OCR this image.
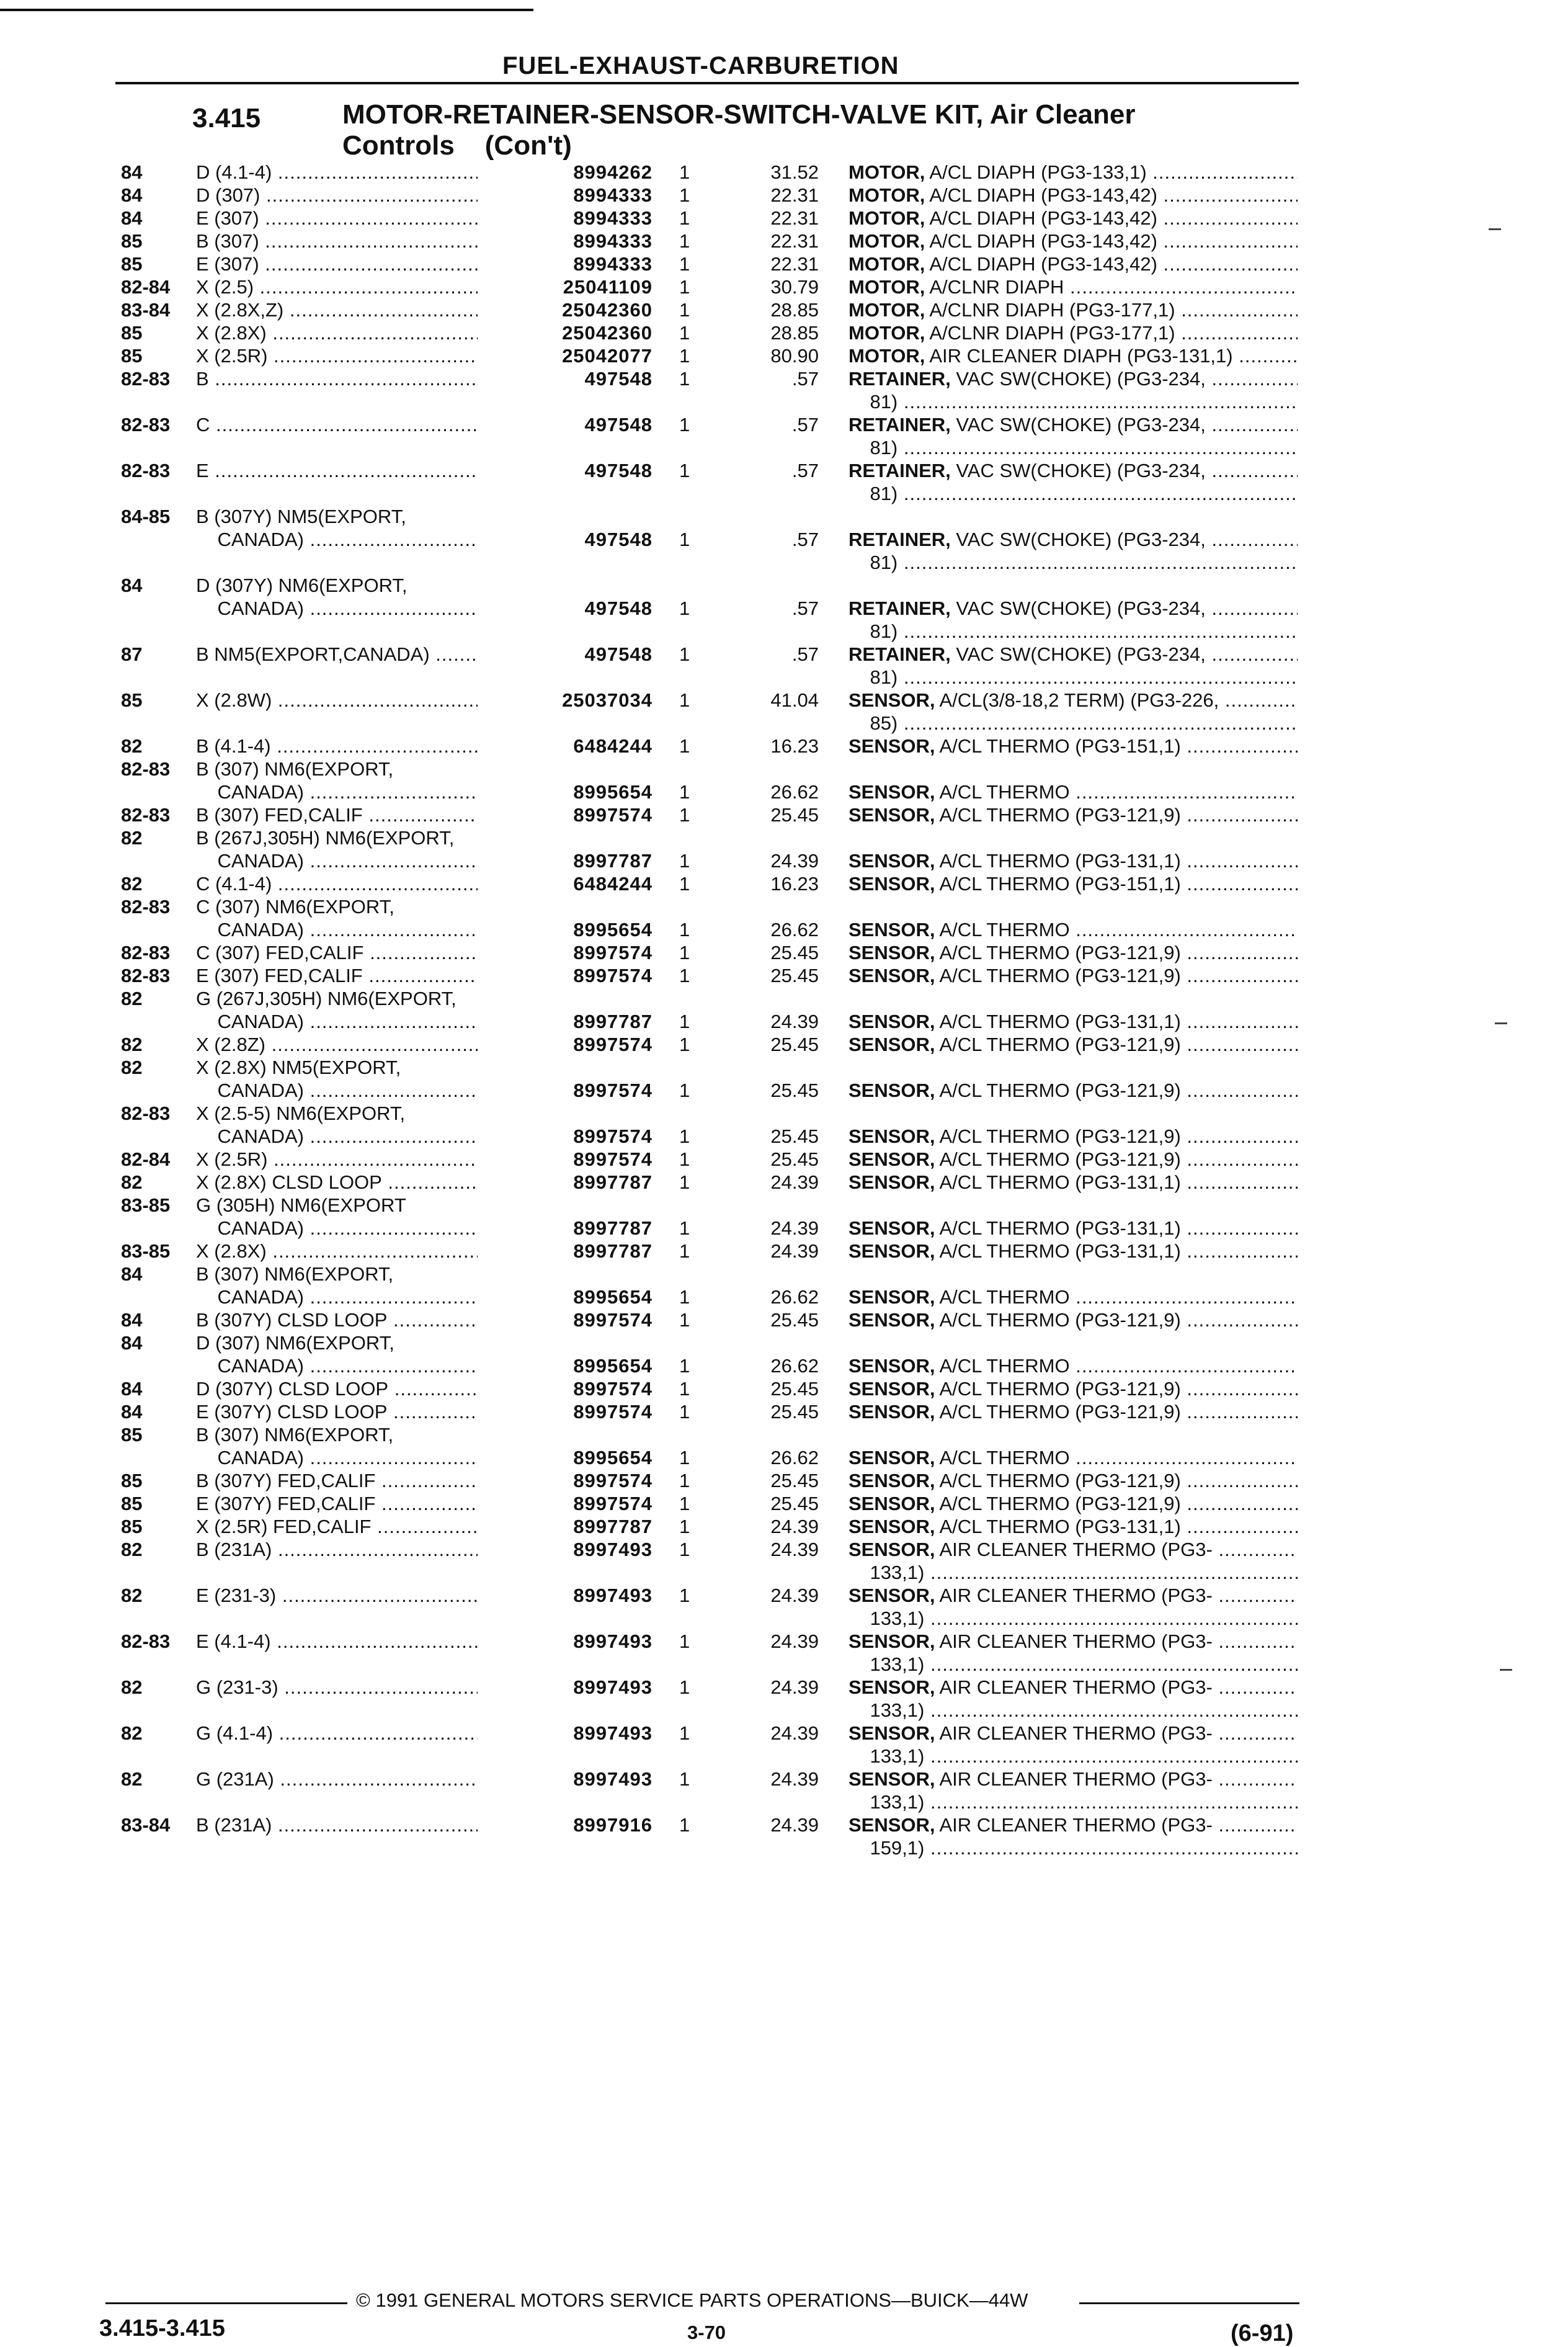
FUEL-EXHAUST-CARBURETION
3.415	MOTOR-RETAINER-SENSOR-SWITCH-VALVE KIT, Air Cleaner
Controls    (Con't)
84	D (4.1-4) .....	8994262 1	31.52 MOTOR, A/CL DIAPH (PG3-133,1) .....
84	D (307) .....	8994333 1	22.31 MOTOR, A/CL DIAPH (PG3-143,42) .....
84	E (307) .....	8994333 1	22.31 MOTOR, A/CL DIAPH (PG3-143,42) .....
85	B (307) .....	8994333 1	22.31 MOTOR, A/CL DIAPH (PG3-143,42) .....
85	E (307) .....	8994333 1	22.31 MOTOR, A/CL DIAPH (PG3-143,42) .....
82-84 X (2.5) .....	25041109 1	30.79 MOTOR, A/CLNR DIAPH .....
83-84 X (2.8X,Z) .....	25042360 1	28.85 MOTOR, A/CLNR DIAPH (PG3-177,1) .....
85	X (2.8X) .....	25042360 1	28.85 MOTOR, A/CLNR DIAPH (PG3-177,1) .....
85	X (2.5R) .....	25042077 1	80.90 MOTOR, AIR CLEANER DIAPH (PG3-131,1) .....
82-83 B .....	497548 1	.57 RETAINER, VAC SW(CHOKE) (PG3-234, .....
81) .....
82-83 C .....	497548 1	.57 RETAINER, VAC SW(CHOKE) (PG3-234, .....
81) .....
82-83 E .....	497548 1	.57 RETAINER, VAC SW(CHOKE) (PG3-234, .....
81) .....
84-85 B (307Y) NM5(EXPORT,
CANADA) .....	497548 1	.57 RETAINER, VAC SW(CHOKE) (PG3-234, .....
81) .....
84	D (307Y) NM6(EXPORT,
CANADA) .....	497548 1	.57 RETAINER, VAC SW(CHOKE) (PG3-234, .....
81) .....
87	B NM5(EXPORT,CANADA) .....	497548 1	.57 RETAINER, VAC SW(CHOKE) (PG3-234, .....
81) .....
85	X (2.8W) .....	25037034 1	41.04 SENSOR, A/CL(3/8-18,2 TERM) (PG3-226, .....
85) .....
82	B (4.1-4) .....	6484244 1	16.23 SENSOR, A/CL THERMO (PG3-151,1) .....
82-83 B (307) NM6(EXPORT,
CANADA) .....	8995654 1	26.62 SENSOR, A/CL THERMO .....
82-83 B (307) FED,CALIF .....	8997574 1	25.45 SENSOR, A/CL THERMO (PG3-121,9) .....
82	B (267J,305H) NM6(EXPORT,
CANADA) .....	8997787 1	24.39 SENSOR, A/CL THERMO (PG3-131,1) .....
82	C (4.1-4) .....	6484244 1	16.23 SENSOR, A/CL THERMO (PG3-151,1) .....
82-83 C (307) NM6(EXPORT,
CANADA) .....	8995654 1	26.62 SENSOR, A/CL THERMO .....
82-83 C (307) FED,CALIF .....	8997574 1	25.45 SENSOR, A/CL THERMO (PG3-121,9) .....
82-83 E (307) FED,CALIF .....	8997574 1	25.45 SENSOR, A/CL THERMO (PG3-121,9) .....
82	G (267J,305H) NM6(EXPORT,
CANADA) .....	8997787 1	24.39 SENSOR, A/CL THERMO (PG3-131,1) .....
82	X (2.8Z) .....	8997574 1	25.45 SENSOR, A/CL THERMO (PG3-121,9) .....
82	X (2.8X) NM5(EXPORT,
CANADA) .....	8997574 1	25.45 SENSOR, A/CL THERMO (PG3-121,9) .....
82-83 X (2.5-5) NM6(EXPORT,
CANADA) .....	8997574 1	25.45 SENSOR, A/CL THERMO (PG3-121,9) .....
82-84 X (2.5R) .....	8997574 1	25.45 SENSOR, A/CL THERMO (PG3-121,9) .....
82	X (2.8X) CLSD LOOP .....	8997787 1	24.39 SENSOR, A/CL THERMO (PG3-131,1) .....
83-85 G (305H) NM6(EXPORT
CANADA) .....	8997787 1	24.39 SENSOR, A/CL THERMO (PG3-131,1) .....
83-85 X (2.8X) .....	8997787 1	24.39 SENSOR, A/CL THERMO (PG3-131,1) .....
84	B (307) NM6(EXPORT,
CANADA) .....	8995654 1	26.62 SENSOR, A/CL THERMO .....
84	B (307Y) CLSD LOOP .....	8997574 1	25.45 SENSOR, A/CL THERMO (PG3-121,9) .....
84	D (307) NM6(EXPORT,
CANADA) .....	8995654 1	26.62 SENSOR, A/CL THERMO .....
84	D (307Y) CLSD LOOP .....	8997574 1	25.45 SENSOR, A/CL THERMO (PG3-121,9) .....
84	E (307Y) CLSD LOOP .....	8997574 1	25.45 SENSOR, A/CL THERMO (PG3-121,9) .....
85	B (307) NM6(EXPORT,
CANADA) .....	8995654 1	26.62 SENSOR, A/CL THERMO .....
85	B (307Y) FED,CALIF .....	8997574 1	25.45 SENSOR, A/CL THERMO (PG3-121,9) .....
85	E (307Y) FED,CALIF .....	8997574 1	25.45 SENSOR, A/CL THERMO (PG3-121,9) .....
85	X (2.5R) FED,CALIF .....	8997787 1	24.39 SENSOR, A/CL THERMO (PG3-131,1) .....
82	B (231A) .....	8997493 1	24.39 SENSOR, AIR CLEANER THERMO (PG3- .....
133,1) .....
82	E (231-3) .....	8997493 1	24.39 SENSOR, AIR CLEANER THERMO (PG3- .....
133,1) .....
82-83 E (4.1-4) .....	8997493 1	24.39 SENSOR, AIR CLEANER THERMO (PG3- .....
133,1) .....
82	G (231-3) .....	8997493 1	24.39 SENSOR, AIR CLEANER THERMO (PG3- .....
133,1) .....
82	G (4.1-4) .....	8997493 1	24.39 SENSOR, AIR CLEANER THERMO (PG3- .....
133,1) .....
82	G (231A) .....	8997493 1	24.39 SENSOR, AIR CLEANER THERMO (PG3- .....
133,1) .....
83-84 B (231A) .....	8997916 1	24.39 SENSOR, AIR CLEANER THERMO (PG3- .....
159,1) .....
© 1991 GENERAL MOTORS SERVICE PARTS OPERATIONS—BUICK—44W
3.415-3.415	3-70	(6-91)
